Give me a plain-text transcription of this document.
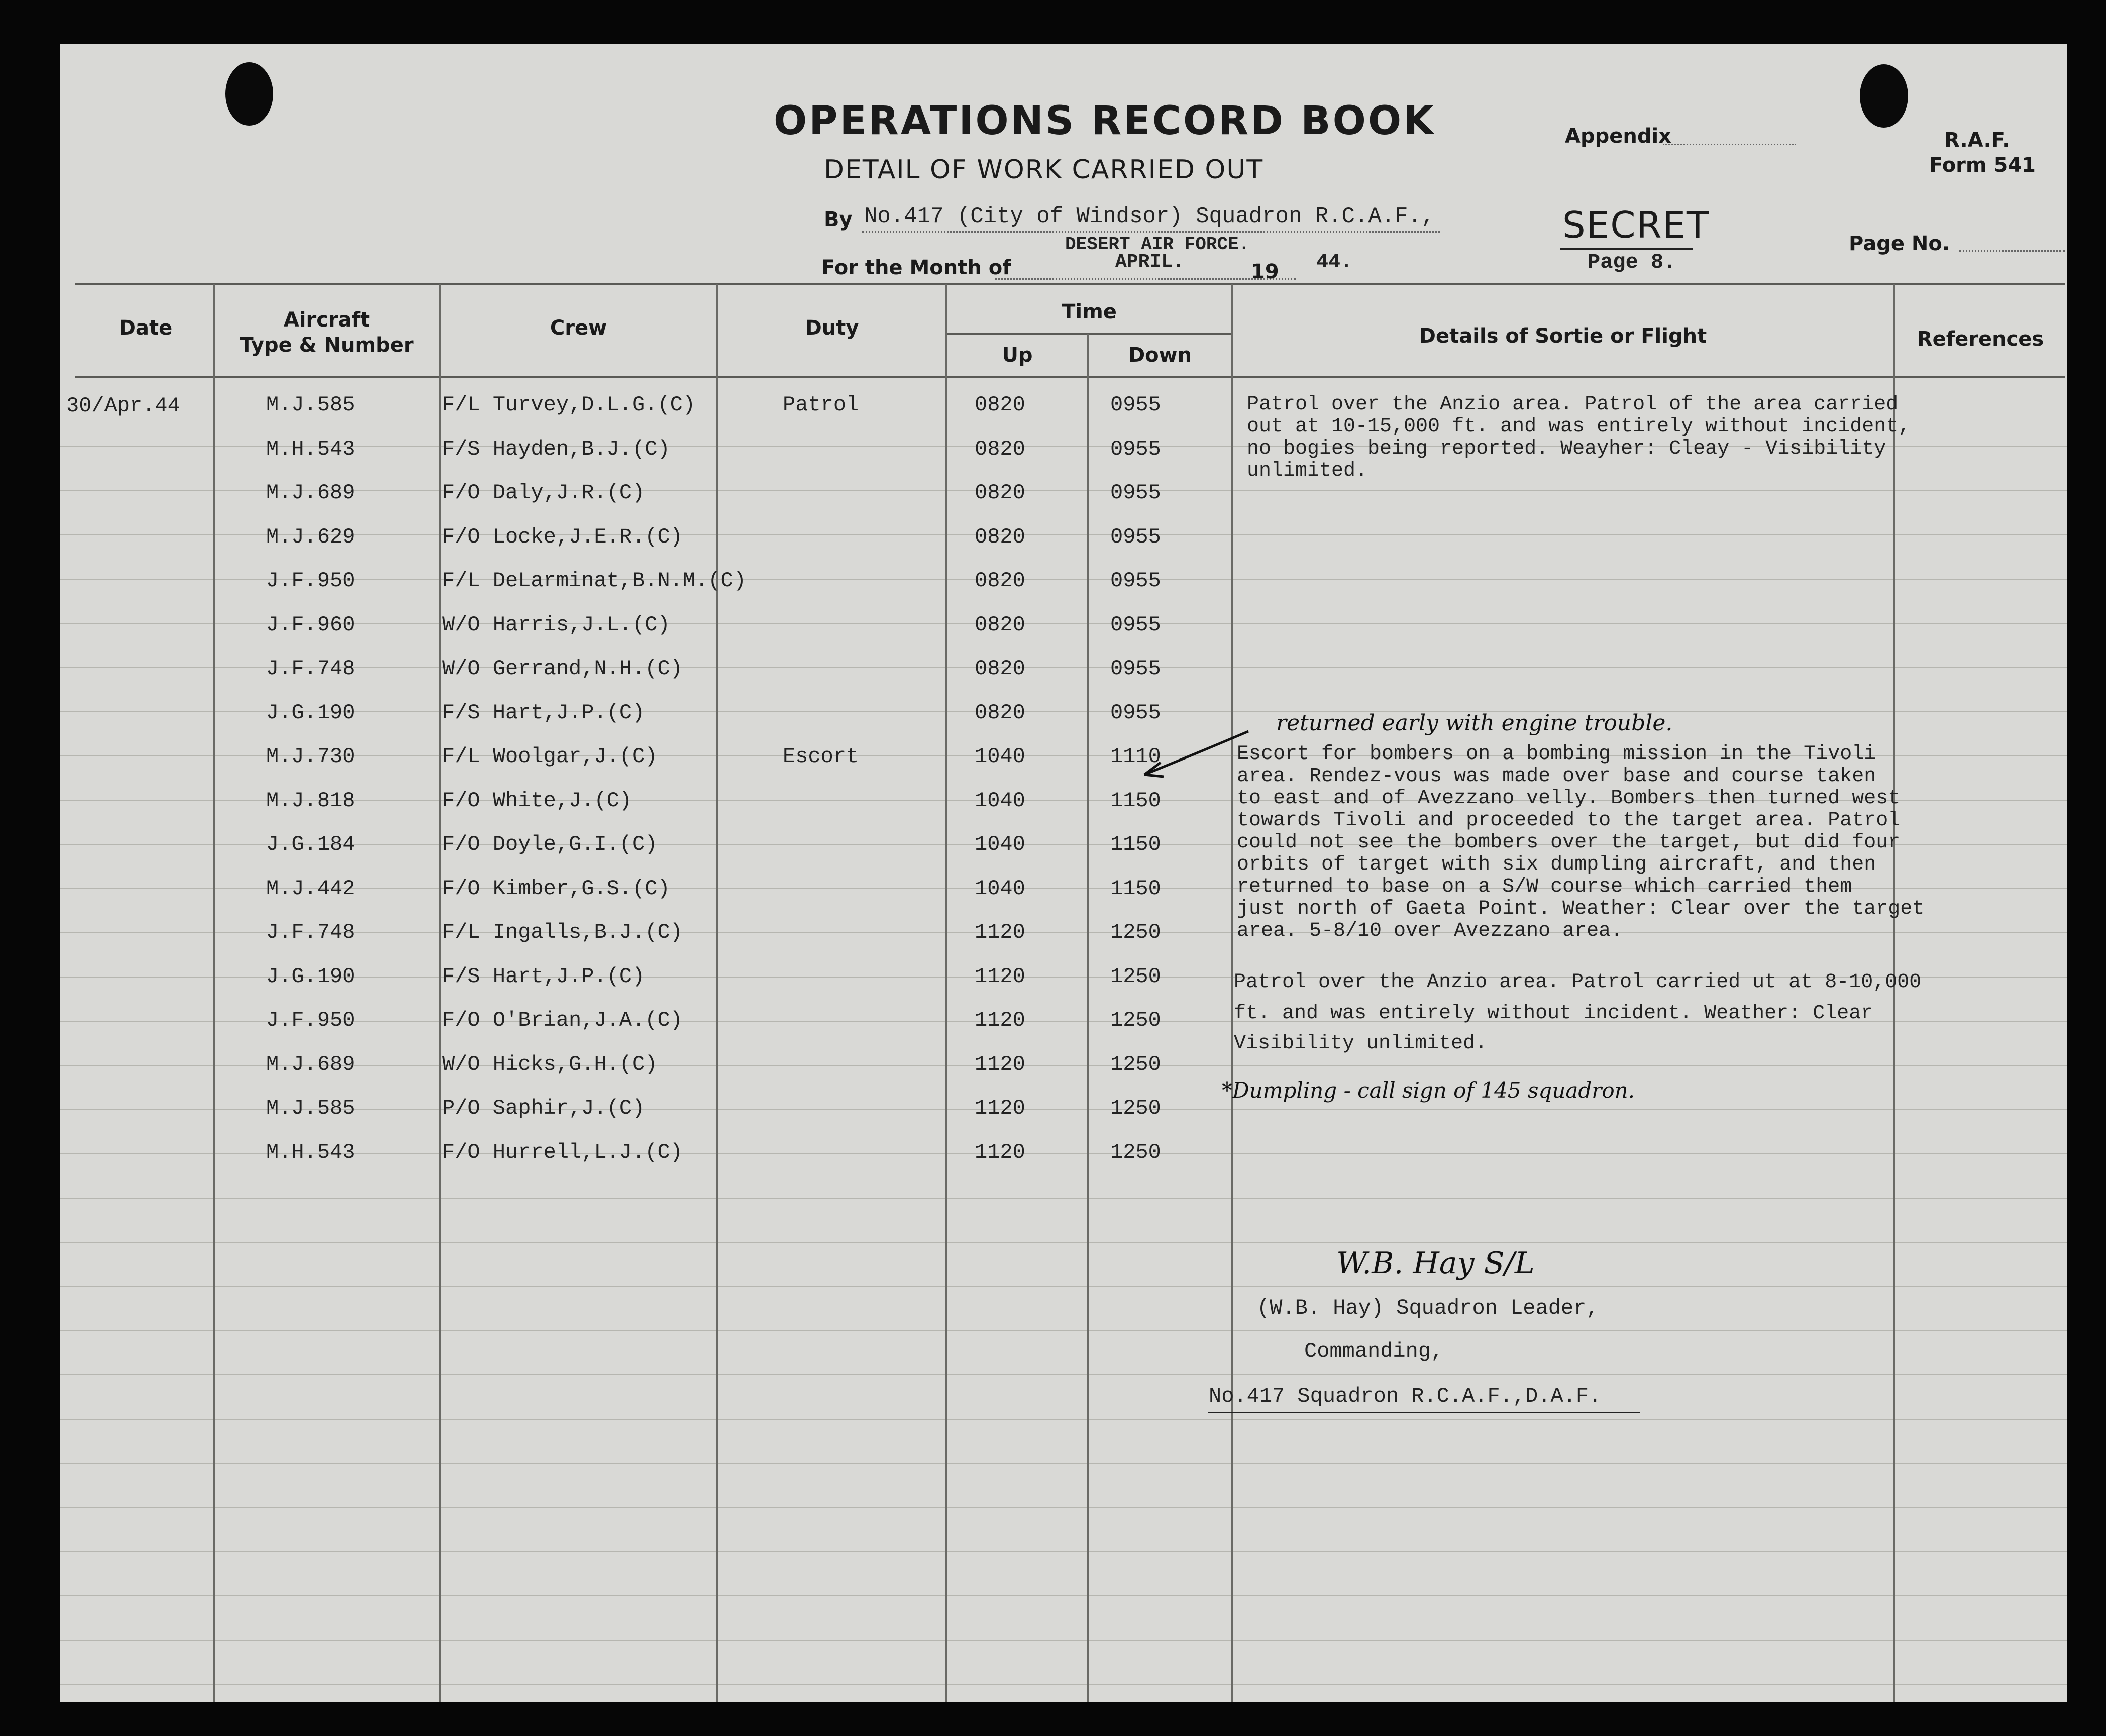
OPERATIONS RECORD BOOK
DETAIL OF WORK CARRIED OUT
By No.417 (City of Windsor) Squadron R.C.A.F.,
DESERT AIR FORCE.
For the Month of	APRIL.	19 44.
Appendix	R.A.F.
Form 541
SECRET
Page 8.
Page No.
Date	Aircraft
Type & Number
Crew	Duty
Time
Up	Down
Details of Sortie or Flight	References
30/Apr.44	M.J.585	F/L Turvey,D.L.G.(C)	Patrol	0820	0955
M.H.543	F/S Hayden,B.J.(C)	0820	0955
M.J.689	F/O Daly,J.R.(C)	0820	0955
M.J.629	F/O Locke,J.E.R.(C)	0820	0955
J.F.950	F/L DeLarminat,B.N.M.(C)	0820	0955
J.F.960	W/O Harris,J.L.(C)	0820	0955
J.F.748	W/O Gerrand,N.H.(C)	0820	0955
J.G.190	F/S Hart,J.P.(C)	0820	0955
M.J.730	F/L Woolgar,J.(C)	Escort	1040	1110
M.J.818	F/O White,J.(C)	1040	1150
J.G.184	F/O Doyle,G.I.(C)	1040	1150
M.J.442	F/O Kimber,G.S.(C)	1040	1150
J.F.748	F/L Ingalls,B.J.(C)	1120	1250
J.G.190	F/S Hart,J.P.(C)	1120	1250
J.F.950	F/O O'Brian,J.A.(C)	1120	1250
M.J.689	W/O Hicks,G.H.(C)	1120	1250
M.J.585	P/O Saphir,J.(C)	1120	1250
M.H.543	F/O Hurrell,L.J.(C)	1120	1250
Patrol over the Anzio area. Patrol of the area carried
out at 10-15,000 ft. and was entirely without incident,
no bogies being reported. Weayher: Cleay - Visibility
unlimited.
returned early with engine trouble.
Escort for bombers on a bombing mission in the Tivoli
area. Rendez-vous was made over base and course taken
to east and of Avezzano velly. Bombers then turned west
towards Tivoli and proceeded to the target area. Patrol
could not see the bombers over the target, but did four
orbits of target with six dumpling aircraft, and then
returned to base on a S/W course which carried them
just north of Gaeta Point. Weather: Clear over the target
area. 5-8/10 over Avezzano area.
Patrol over the Anzio area. Patrol carried ut at 8-10,000
ft. and was entirely without incident. Weather: Clear
Visibility unlimited.
*Dumpling - call sign of 145 squadron.
W.B. Hay S/L
(W.B. Hay) Squadron Leader,
Commanding,
No.417 Squadron R.C.A.F.,D.A.F.
